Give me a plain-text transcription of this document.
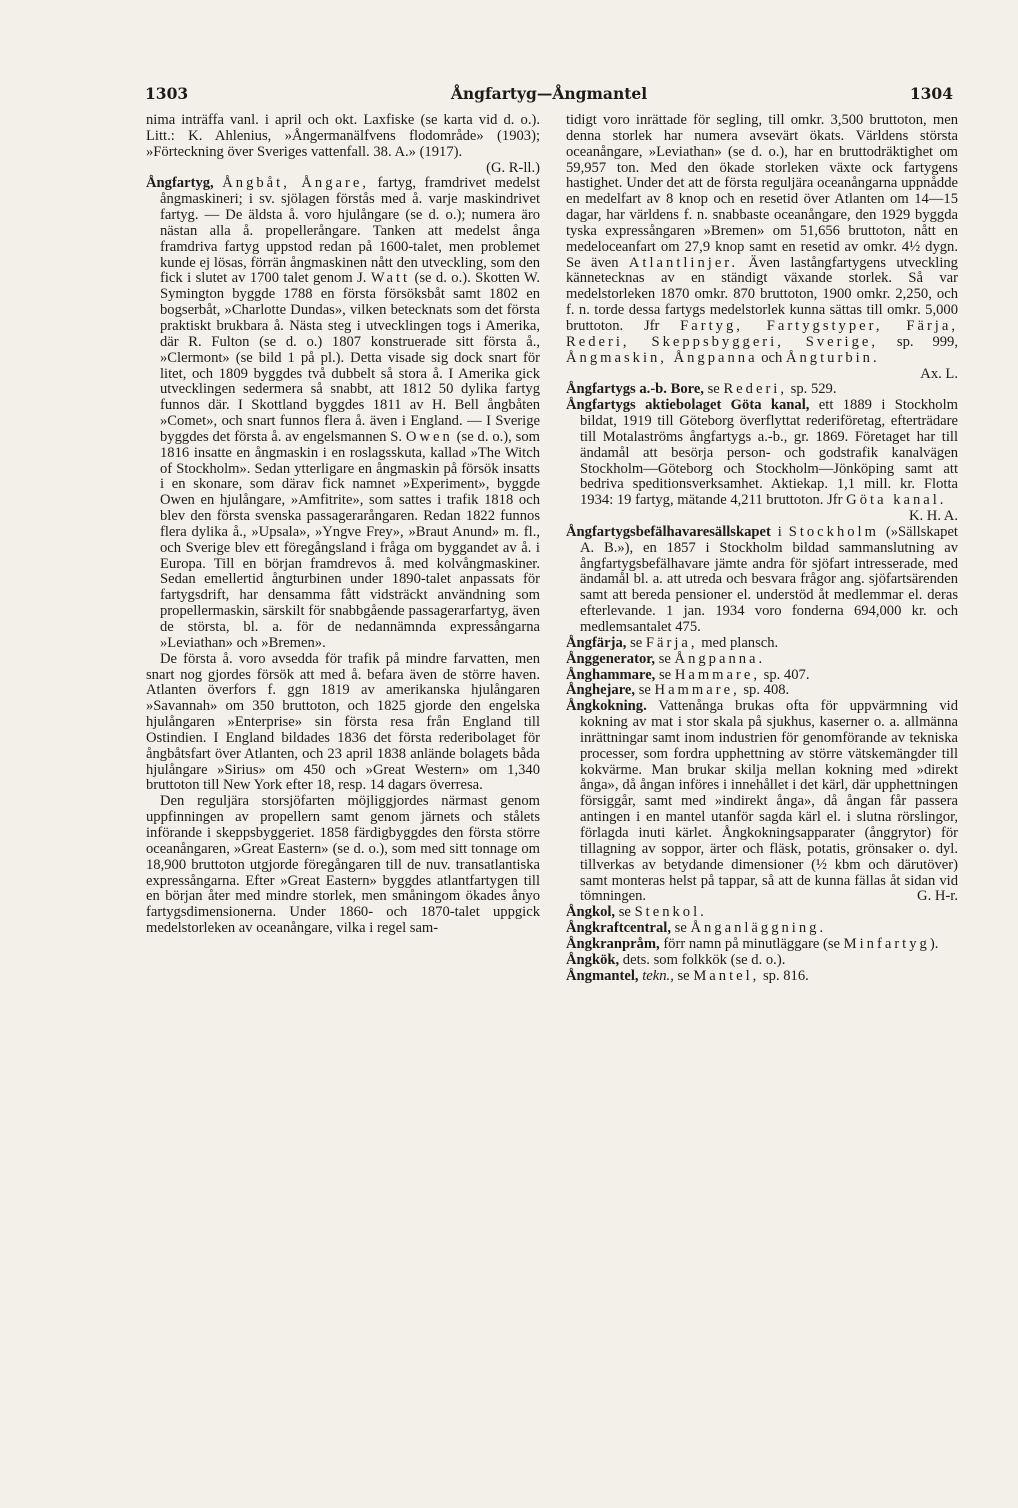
1303	Ångfartyg—Ångmantel	1304

nima inträffa vanl. i april och okt. Laxfiske (se karta vid d. o.). Litt.: K. Ahlenius, »Ångermanälfvens flodområde» (1903); »Förteckning över Sveriges vattenfall. 38. A.» (1917).
(G. R-ll.)

Ångfartyg, Ångbåt, Ångare, fartyg, framdrivet medelst ångmaskineri; i sv. sjölagen förstås med å. varje maskindrivet fartyg. — De äldsta å. voro hjulångare (se d. o.); numera äro nästan alla å. propellerångare. Tanken att medelst ånga framdriva fartyg uppstod redan på 1600-talet, men problemet kunde ej lösas, förrän ångmaskinen nått den utveckling, som den fick i slutet av 1700 talet genom J. Watt (se d. o.). Skotten W. Symington byggde 1788 en första försöksbåt samt 1802 en bogserbåt, »Charlotte Dundas», vilken betecknats som det första praktiskt brukbara å. Nästa steg i utvecklingen togs i Amerika, där R. Fulton (se d. o.) 1807 konstruerade sitt första å., »Clermont» (se bild 1 på pl.). Detta visade sig dock snart för litet, och 1809 byggdes två dubbelt så stora å. I Amerika gick utvecklingen sedermera så snabbt, att 1812 50 dylika fartyg funnos där. I Skottland byggdes 1811 av H. Bell ångbåten »Comet», och snart funnos flera å. även i England. — I Sverige byggdes det första å. av engelsmannen S. Owen (se d. o.), som 1816 insatte en ångmaskin i en roslagsskuta, kallad »The Witch of Stockholm». Sedan ytterligare en ångmaskin på försök insatts i en skonare, som därav fick namnet »Experiment», byggde Owen en hjulångare, »Amfitrite», som sattes i trafik 1818 och blev den första svenska passagerarångaren. Redan 1822 funnos flera dylika å., »Upsala», »Yngve Frey», »Braut Anund» m. fl., och Sverige blev ett föregångsland i fråga om byggandet av å. i Europa. Till en början framdrevos å. med kolvångmaskiner. Sedan emellertid ångturbinen under 1890-talet anpassats för fartygsdrift, har densamma fått vidsträckt användning som propellermaskin, särskilt för snabbgående passagerarfartyg, även de största, bl. a. för de nedannämnda expressångarna »Leviathan» och »Bremen».

De första å. voro avsedda för trafik på mindre farvatten, men snart nog gjordes försök att med å. befara även de större haven. Atlanten överfors f. ggn 1819 av amerikanska hjulångaren »Savannah» om 350 bruttoton, och 1825 gjorde den engelska hjulångaren »Enterprise» sin första resa från England till Ostindien. I England bildades 1836 det första rederibolaget för ångbåtsfart över Atlanten, och 23 april 1838 anlände bolagets båda hjulångare »Sirius» om 450 och »Great Western» om 1,340 bruttoton till New York efter 18, resp. 14 dagars överresa.

Den reguljära storsjöfarten möjliggjordes närmast genom uppfinningen av propellern samt genom järnets och stålets införande i skeppsbyggeriet. 1858 färdigbyggdes den första större oceanångaren, »Great Eastern» (se d. o.), som med sitt tonnage om 18,900 bruttoton utgjorde föregångaren till de nuv. transatlantiska expressångarna. Efter »Great Eastern» byggdes atlantfartygen till en början åter med mindre storlek, men småningom ökades ånyo fartygsdimensionerna. Under 1860- och 1870-talet uppgick medelstorleken av oceanångare, vilka i regel sam-

tidigt voro inrättade för segling, till omkr. 3,500 bruttoton, men denna storlek har numera avsevärt ökats. Världens största oceanångare, »Leviathan» (se d. o.), har en bruttodräktighet om 59,957 ton. Med den ökade storleken växte ock fartygens hastighet. Under det att de första reguljära oceanångarna uppnådde en medelfart av 8 knop och en resetid över Atlanten om 14—15 dagar, har världens f. n. snabbaste oceanångare, den 1929 byggda tyska expressångaren »Bremen» om 51,656 bruttoton, nått en medeloceanfart om 27,9 knop samt en resetid av omkr. 4½ dygn. Se även Atlantlinjer. Även lastångfartygens utveckling kännetecknas av en ständigt växande storlek. Så var medelstorleken 1870 omkr. 870 bruttoton, 1900 omkr. 2,250, och f. n. torde dessa fartygs medelstorlek kunna sättas till omkr. 5,000 bruttoton. Jfr Fartyg, Fartygstyper, Färja, Rederi, Skeppsbyggeri, Sverige, sp. 999, Ångmaskin, Ångpanna och Ångturbin.
Ax. L.

Ångfartygs a.-b. Bore, se Rederi, sp. 529.

Ångfartygs aktiebolaget Göta kanal, ett 1889 i Stockholm bildat, 1919 till Göteborg överflyttat rederiföretag, efterträdare till Motalaströms ångfartygs a.-b., gr. 1869. Företaget har till ändamål att besörja person- och godstrafik kanalvägen Stockholm—Göteborg och Stockholm—Jönköping samt att bedriva speditionsverksamhet. Aktiekap. 1,1 mill. kr. Flotta 1934: 19 fartyg, mätande 4,211 bruttoton. Jfr Göta kanal.
K. H. A.

Ångfartygsbefälhavaresällskapet i Stockholm (»Sällskapet A. B.»), en 1857 i Stockholm bildad sammanslutning av ångfartygsbefälhavare jämte andra för sjöfart intresserade, med ändamål bl. a. att utreda och besvara frågor ang. sjöfartsärenden samt att bereda pensioner el. understöd åt medlemmar el. deras efterlevande. 1 jan. 1934 voro fonderna 694,000 kr. och medlemsantalet 475.

Ångfärja, se Färja, med plansch.

Ånggenerator, se Ångpanna.

Ånghammare, se Hammare, sp. 407.

Ånghejare, se Hammare, sp. 408.

Ångkokning. Vattenånga brukas ofta för uppvärmning vid kokning av mat i stor skala på sjukhus, kaserner o. a. allmänna inrättningar samt inom industrien för genomförande av tekniska processer, som fordra upphettning av större vätskemängder till kokvärme. Man brukar skilja mellan kokning med »direkt ånga», då ångan införes i innehållet i det kärl, där upphettningen försiggår, samt med »indirekt ånga», då ångan får passera antingen i en mantel utanför sagda kärl el. i slutna rörslingor, förlagda inuti kärlet. Ångkokningsapparater (ånggrytor) för tillagning av soppor, ärter och fläsk, potatis, grönsaker o. dyl. tillverkas av betydande dimensioner (½ kbm och därutöver) samt monteras helst på tappar, så att de kunna fällas åt sidan vid tömningen.	G. H-r.

Ångkol, se Stenkol.

Ångkraftcentral, se Ånganläggning.

Ångkranpråm, förr namn på minutläggare (se Minfartyg).

Ångkök, dets. som folkkök (se d. o.).

Ångmantel, tekn., se Mantel, sp. 816.
